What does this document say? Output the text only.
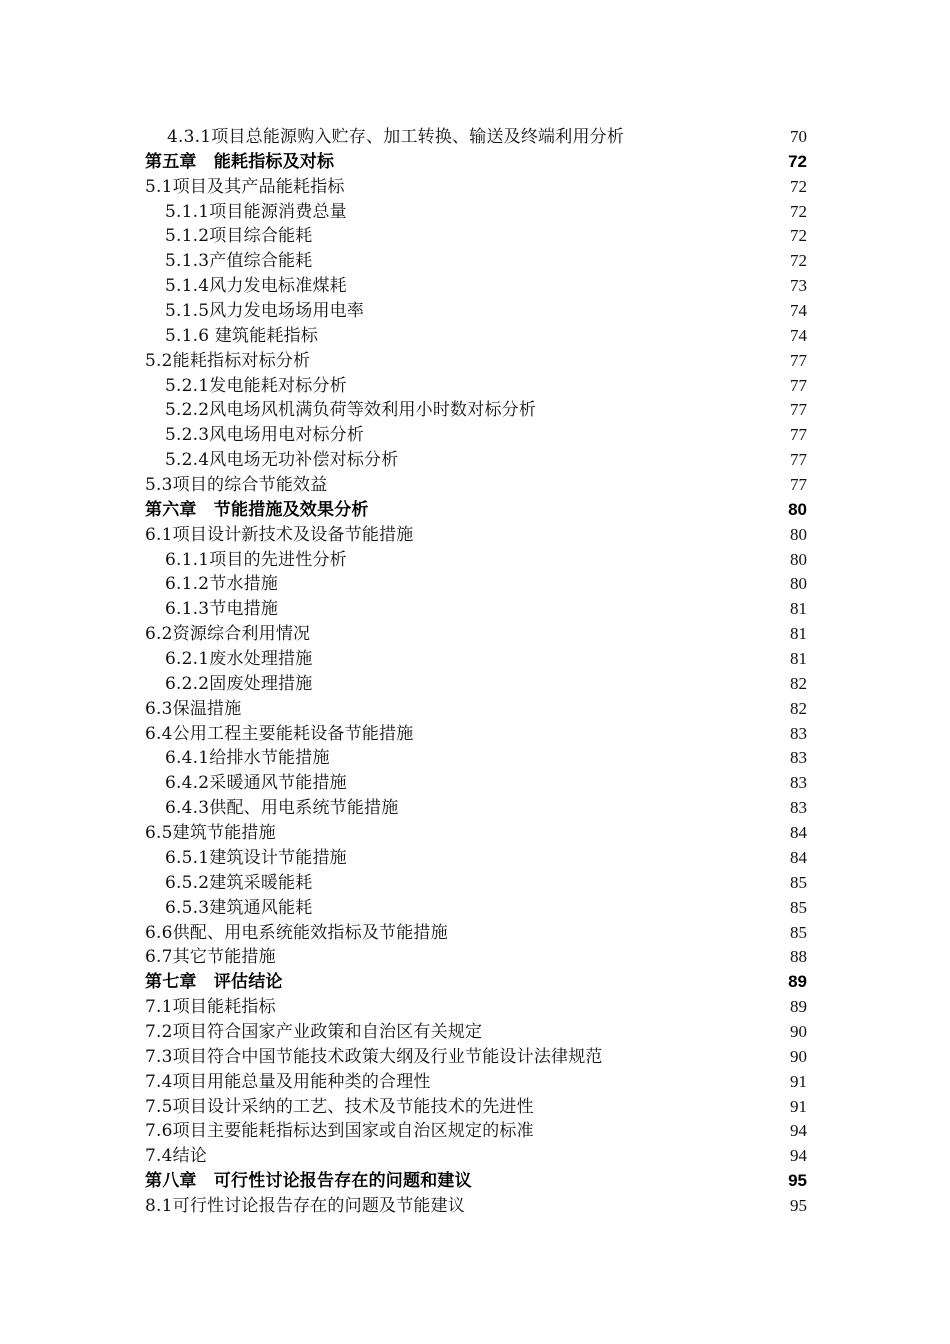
4.3.1项目总能源购入贮存、加工转换、输送及终端利用分析	70
第五章　能耗指标及对标	72
5.1项目及其产品能耗指标	72
5.1.1项目能源消费总量	72
5.1.2项目综合能耗	72
5.1.3产值综合能耗	72
5.1.4风力发电标准煤耗	73
5.1.5风力发电场场用电率	74
5.1.6 建筑能耗指标	74
5.2能耗指标对标分析	77
5.2.1发电能耗对标分析	77
5.2.2风电场风机满负荷等效利用小时数对标分析	77
5.2.3风电场用电对标分析	77
5.2.4风电场无功补偿对标分析	77
5.3项目的综合节能效益	77
第六章　节能措施及效果分析	80
6.1项目设计新技术及设备节能措施	80
6.1.1项目的先进性分析	80
6.1.2节水措施	80
6.1.3节电措施	81
6.2资源综合利用情况	81
6.2.1废水处理措施	81
6.2.2固废处理措施	82
6.3保温措施	82
6.4公用工程主要能耗设备节能措施	83
6.4.1给排水节能措施	83
6.4.2采暖通风节能措施	83
6.4.3供配、用电系统节能措施	83
6.5建筑节能措施	84
6.5.1建筑设计节能措施	84
6.5.2建筑采暖能耗	85
6.5.3建筑通风能耗	85
6.6供配、用电系统能效指标及节能措施	85
6.7其它节能措施	88
第七章　评估结论	89
7.1项目能耗指标	89
7.2项目符合国家产业政策和自治区有关规定	90
7.3项目符合中国节能技术政策大纲及行业节能设计法律规范	90
7.4项目用能总量及用能种类的合理性	91
7.5项目设计采纳的工艺、技术及节能技术的先进性	91
7.6项目主要能耗指标达到国家或自治区规定的标准	94
7.4结论	94
第八章　可行性讨论报告存在的问题和建议	95
8.1可行性讨论报告存在的问题及节能建议	95
